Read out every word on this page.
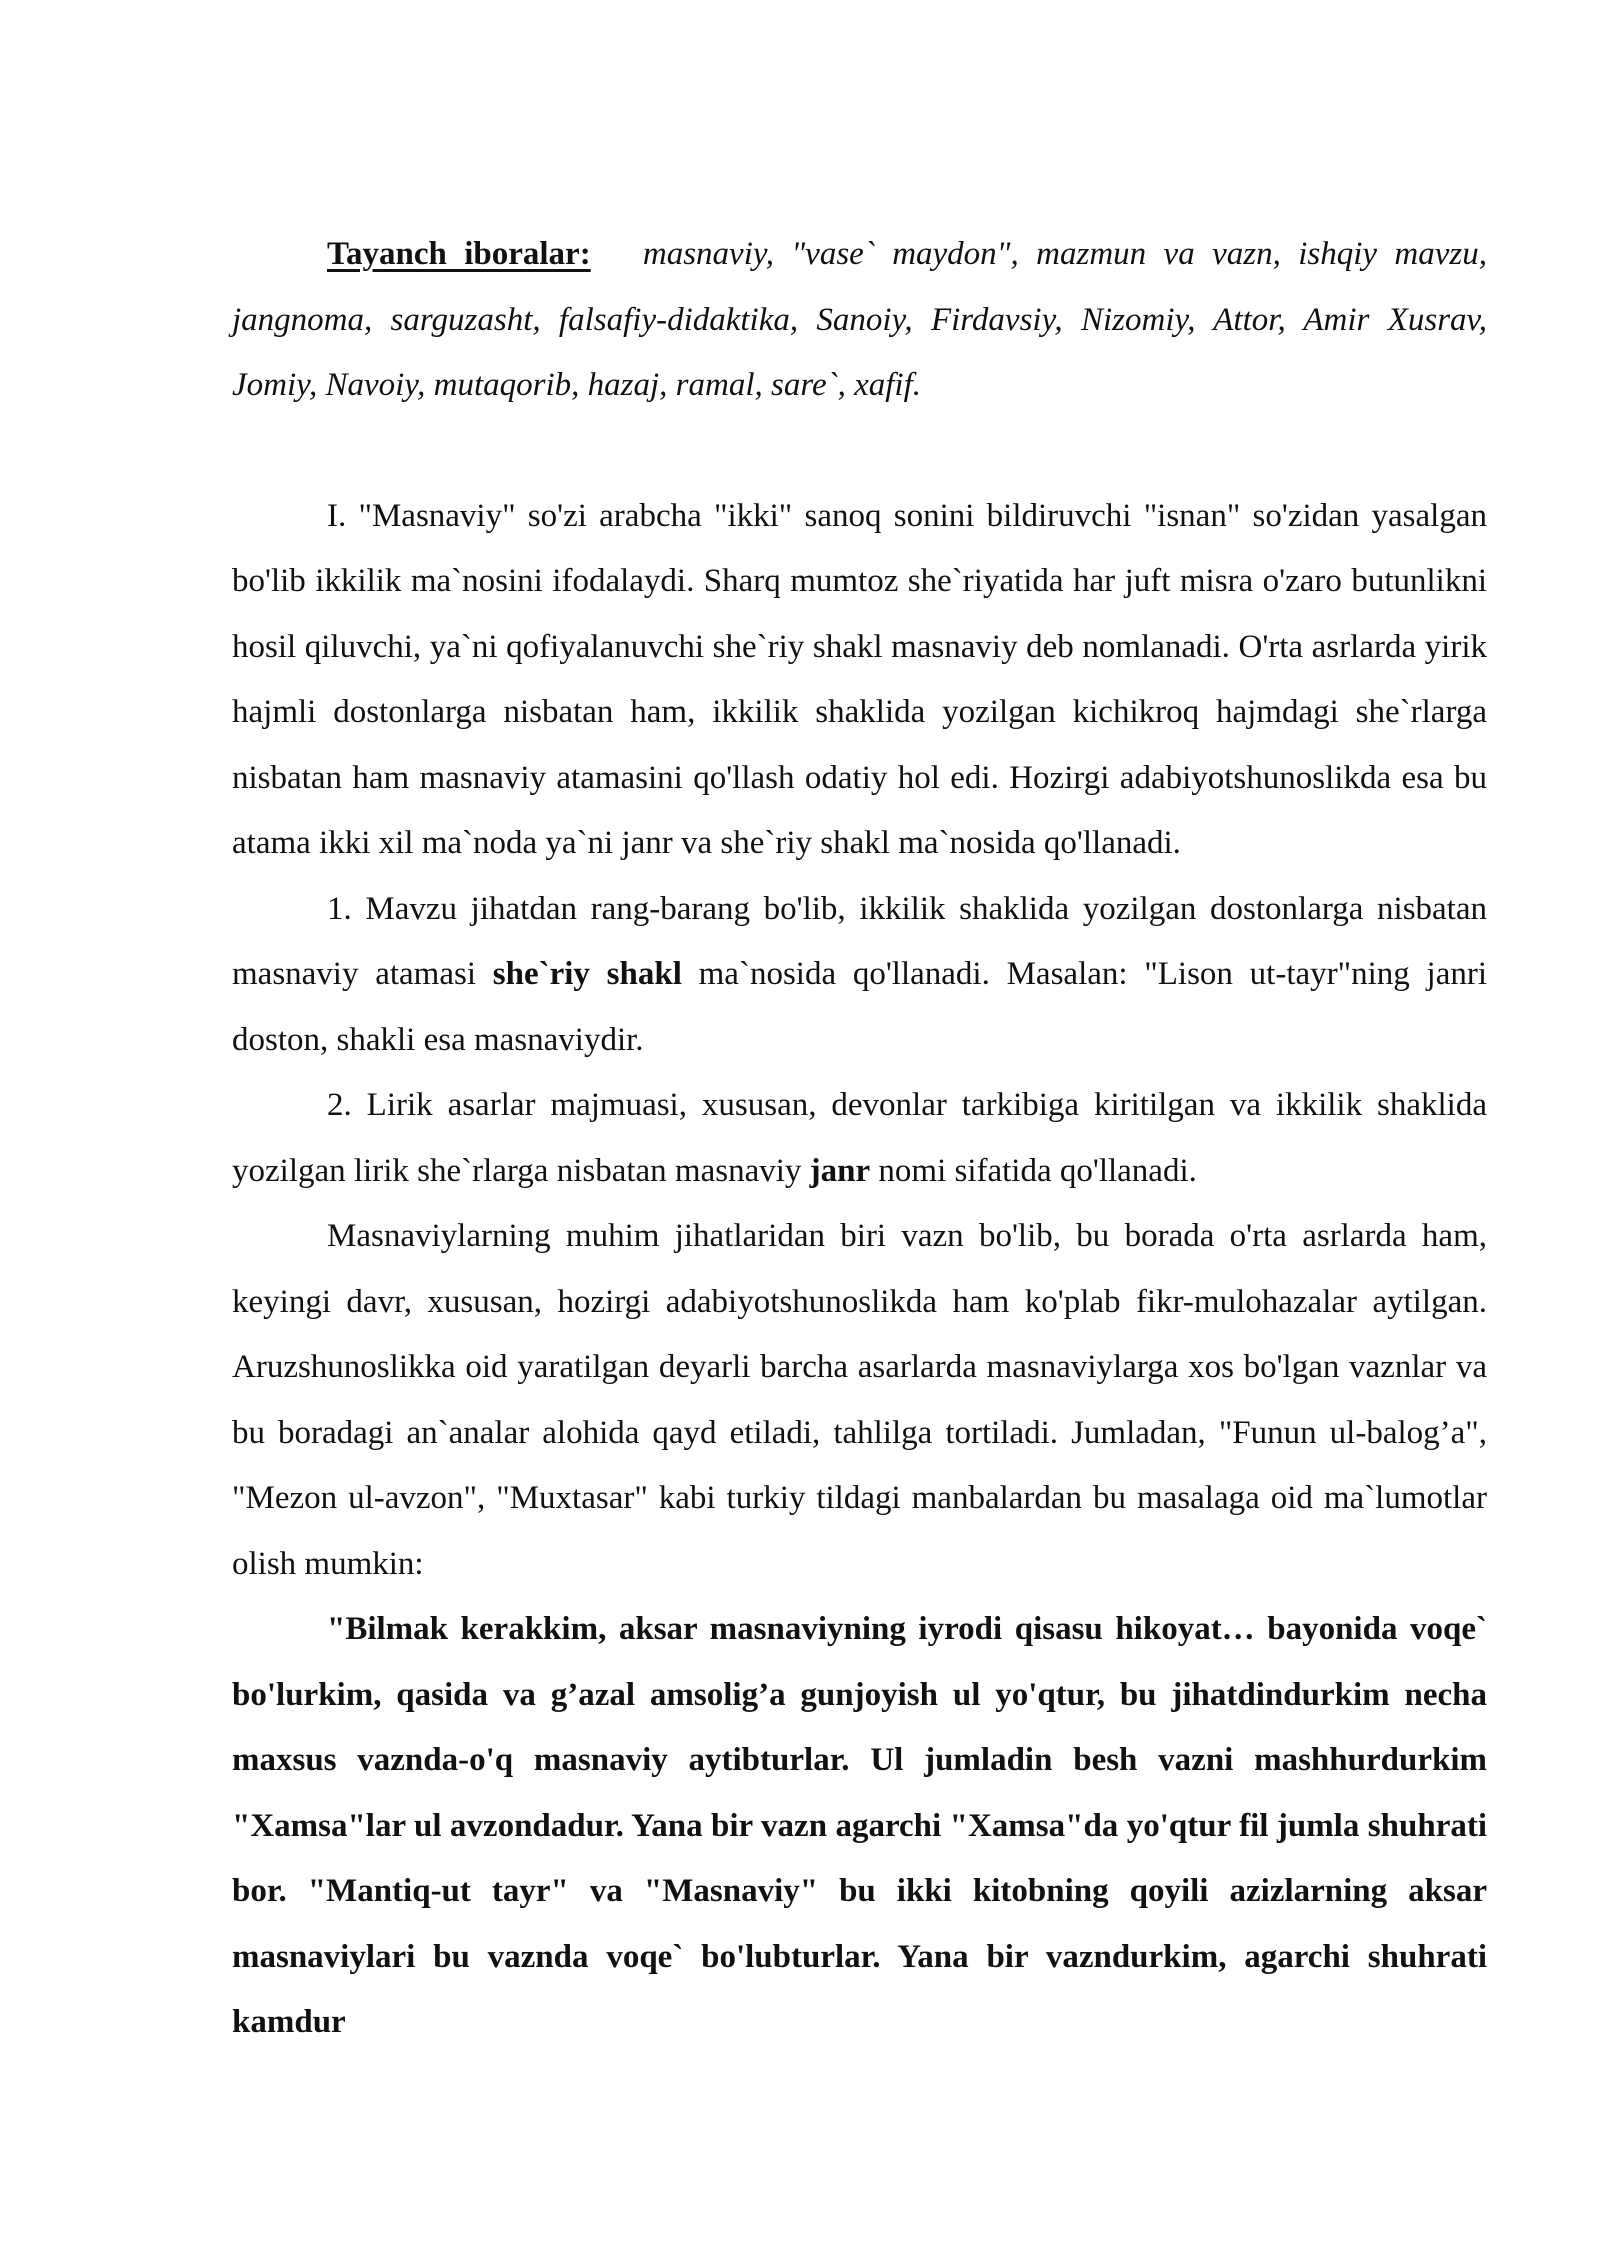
Tayanch iboralar: masnaviy, "vase` maydon", mazmun va vazn, ishqiy mavzu, jangnoma, sarguzasht, falsafiy-didaktika, Sanoiy, Firdavsiy, Nizomiy, Attor, Amir Xusrav, Jomiy, Navoiy, mutaqorib, hazaj, ramal, sare`, xafif.

I. "Masnaviy" so'zi arabcha "ikki" sanoq sonini bildiruvchi "isnan" so'zidan yasalgan bo'lib ikkilik ma`nosini ifodalaydi. Sharq mumtoz she`riyatida har juft misra o'zaro butunlikni hosil qiluvchi, ya`ni qofiyalanuvchi she`riy shakl masnaviy deb nomlanadi. O'rta asrlarda yirik hajmli dostonlarga nisbatan ham, ikkilik shaklida yozilgan kichikroq hajmdagi she`rlarga nisbatan ham masnaviy atamasini qo'llash odatiy hol edi. Hozirgi adabiyotshunoslikda esa bu atama ikki xil ma`noda ya`ni janr va she`riy shakl ma`nosida qo'llanadi.

1. Mavzu jihatdan rang-barang bo'lib, ikkilik shaklida yozilgan dostonlarga nisbatan masnaviy atamasi she`riy shakl ma`nosida qo'llanadi. Masalan: "Lison ut-tayr"ning janri doston, shakli esa masnaviydir.

2. Lirik asarlar majmuasi, xususan, devonlar tarkibiga kiritilgan va ikkilik shaklida yozilgan lirik she`rlarga nisbatan masnaviy janr nomi sifatida qo'llanadi.

Masnaviylarning muhim jihatlaridan biri vazn bo'lib, bu borada o'rta asrlarda ham, keyingi davr, xususan, hozirgi adabiyotshunoslikda ham ko'plab fikr-mulohazalar aytilgan. Aruzshunoslikka oid yaratilgan deyarli barcha asarlarda masnaviylarga xos bo'lgan vaznlar va bu boradagi an`analar alohida qayd etiladi, tahlilga tortiladi. Jumladan, "Funun ul-balog’a", "Mezon ul-avzon", "Muxtasar" kabi turkiy tildagi manbalardan bu masalaga oid ma`lumotlar olish mumkin:

"Bilmak kerakkim, aksar masnaviyning iyrodi qisasu hikoyat… bayonida voqe` bo'lurkim, qasida va g’azal amsolig’a gunjoyish ul yo'qtur, bu jihatdindurkim necha maxsus vaznda-o'q masnaviy aytibturlar. Ul jumladin besh vazni mashhurdurkim "Xamsa"lar ul avzondadur. Yana bir vazn agarchi "Xamsa"da yo'qtur fil jumla shuhrati bor. "Mantiq-ut tayr" va "Masnaviy" bu ikki kitobning qoyili azizlarning aksar masnaviylari bu vaznda voqe` bo'lubturlar. Yana bir vazndurkim, agarchi shuhrati kamdur
